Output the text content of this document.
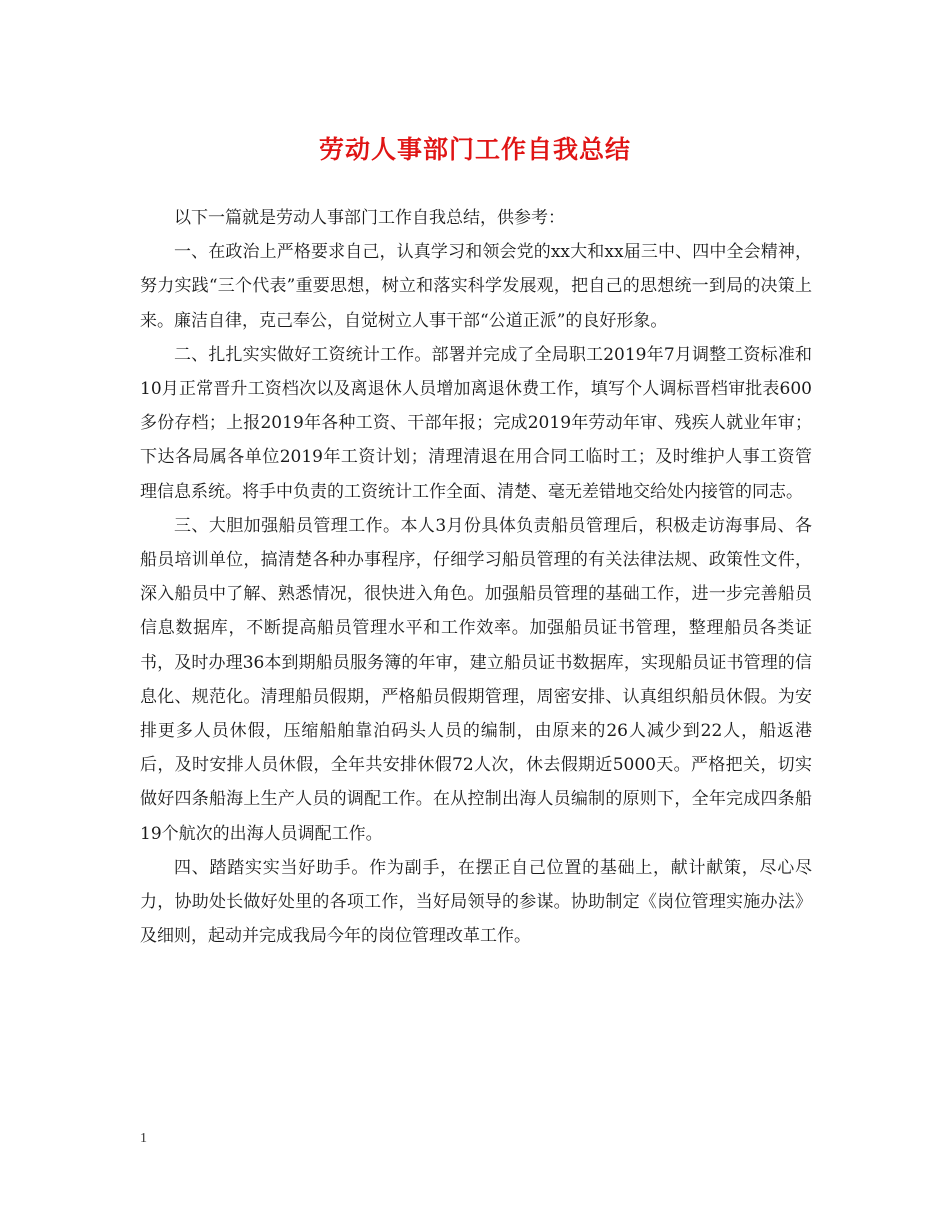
劳动人事部门工作自我总结

以下一篇就是劳动人事部门工作自我总结，供参考：

一、在政治上严格要求自己，认真学习和领会党的xx大和xx届三中、四中全会精神，努力实践“三个代表”重要思想，树立和落实科学发展观，把自己的思想统一到局的决策上来。廉洁自律，克己奉公，自觉树立人事干部“公道正派”的良好形象。

二、扎扎实实做好工资统计工作。部署并完成了全局职工2019年7月调整工资标准和10月正常晋升工资档次以及离退休人员增加离退休费工作，填写个人调标晋档审批表600多份存档；上报2019年各种工资、干部年报；完成2019年劳动年审、残疾人就业年审；下达各局属各单位2019年工资计划；清理清退在用合同工临时工；及时维护人事工资管理信息系统。将手中负责的工资统计工作全面、清楚、毫无差错地交给处内接管的同志。

三、大胆加强船员管理工作。本人3月份具体负责船员管理后，积极走访海事局、各船员培训单位，搞清楚各种办事程序，仔细学习船员管理的有关法律法规、政策性文件，深入船员中了解、熟悉情况，很快进入角色。加强船员管理的基础工作，进一步完善船员信息数据库，不断提高船员管理水平和工作效率。加强船员证书管理，整理船员各类证书，及时办理36本到期船员服务簿的年审，建立船员证书数据库，实现船员证书管理的信息化、规范化。清理船员假期，严格船员假期管理，周密安排、认真组织船员休假。为安排更多人员休假，压缩船舶靠泊码头人员的编制，由原来的26人减少到22人，船返港后，及时安排人员休假，全年共安排休假72人次，休去假期近5000天。严格把关，切实做好四条船海上生产人员的调配工作。在从控制出海人员编制的原则下，全年完成四条船19个航次的出海人员调配工作。

四、踏踏实实当好助手。作为副手，在摆正自己位置的基础上，献计献策，尽心尽力，协助处长做好处里的各项工作，当好局领导的参谋。协助制定《岗位管理实施办法》及细则，起动并完成我局今年的岗位管理改革工作。

1
